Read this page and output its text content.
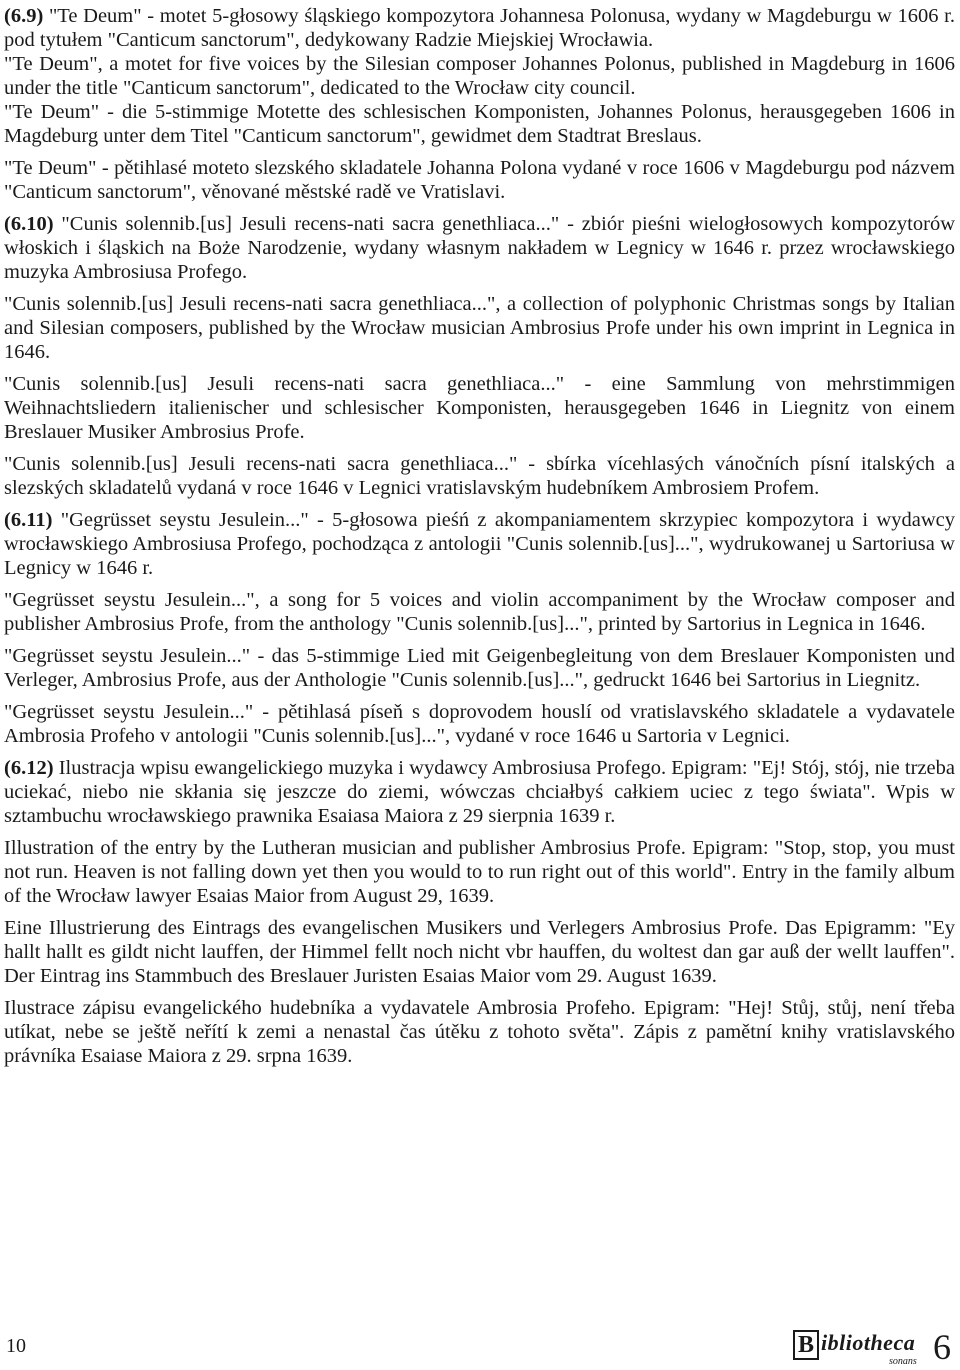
(6.9) "Te Deum" - motet 5-głosowy śląskiego kompozytora Johannesa Polonusa, wydany w Magdeburgu w 1606 r. pod tytułem "Canticum sanctorum", dedykowany Radzie Miejskiej Wrocławia.

"Te Deum", a motet for five voices by the Silesian composer Johannes Polonus, published in Magdeburg in 1606 under the title "Canticum sanctorum", dedicated to the Wrocław city council.

"Te Deum" - die 5-stimmige Motette des schlesischen Komponisten, Johannes Polonus, herausgegeben 1606 in Magdeburg unter dem Titel "Canticum sanctorum", gewidmet dem Stadtrat Breslaus.

"Te Deum" - pětihlasé moteto slezského skladatele Johanna Polona vydané v roce 1606 v Magdeburgu pod názvem "Canticum sanctorum", věnované městské radě ve Vratislavi.

(6.10) "Cunis solennib.[us] Jesuli recens-nati sacra genethliaca..." - zbiór pieśni wielogłosowych kompozytorów włoskich i śląskich na Boże Narodzenie, wydany własnym nakładem w Legnicy w 1646 r. przez wrocławskiego muzyka Ambrosiusa Profego.

"Cunis solennib.[us] Jesuli recens-nati sacra genethliaca...", a collection of polyphonic Christmas songs by Italian and Silesian composers, published by the Wrocław musician Ambrosius Profe under his own imprint in Legnica in 1646.

"Cunis solennib.[us] Jesuli recens-nati sacra genethliaca..." - eine Sammlung von mehrstimmigen Weihnachtsliedern italienischer und schlesischer Komponisten, herausgegeben 1646 in Liegnitz von einem Breslauer Musiker Ambrosius Profe.

"Cunis solennib.[us] Jesuli recens-nati sacra genethliaca..." - sbírka vícehlasých vánočních písní italských a slezských skladatelů vydaná v roce 1646 v Legnici vratislavským hudebníkem Ambrosiem Profem.

(6.11) "Gegrüsset seystu Jesulein..." - 5-głosowa pieśń z akompaniamentem skrzypiec kompozytora i wydawcy wrocławskiego Ambrosiusa Profego, pochodząca z antologii "Cunis solennib.[us]...", wydrukowanej u Sartoriusa w Legnicy w 1646 r.

"Gegrüsset seystu Jesulein...", a song for 5 voices and violin accompaniment by the Wrocław composer and publisher Ambrosius Profe, from the anthology "Cunis solennib.[us]...", printed by Sartorius in Legnica in 1646.

"Gegrüsset seystu Jesulein..." - das 5-stimmige Lied mit Geigenbegleitung von dem Breslauer Komponisten und Verleger, Ambrosius Profe, aus der Anthologie "Cunis solennib.[us]...", gedruckt 1646 bei Sartorius in Liegnitz.

"Gegrüsset seystu Jesulein..." - pětihlasá píseň s doprovodem houslí od vratislavského skladatele a vydavatele Ambrosia Profeho v antologii "Cunis solennib.[us]...", vydané v roce 1646 u Sartoria v Legnici.

(6.12) Ilustracja wpisu ewangelickiego muzyka i wydawcy Ambrosiusa Profego. Epigram: "Ej! Stój, stój, nie trzeba uciekać, niebo nie skłania się jeszcze do ziemi, wówczas chciałbyś całkiem uciec z tego świata". Wpis w sztambuchu wrocławskiego prawnika Esaiasa Maiora z 29 sierpnia 1639 r.

Illustration of the entry by the Lutheran musician and publisher Ambrosius Profe. Epigram: "Stop, stop, you must not run. Heaven is not falling down yet then you would to to run right out of this world". Entry in the family album of the Wrocław lawyer Esaias Maior from August 29, 1639.

Eine Illustrierung des Eintrags des evangelischen Musikers und Verlegers Ambrosius Profe. Das Epigramm: "Ey hallt hallt es gildt nicht lauffen, der Himmel fellt noch nicht vbr hauffen, du woltest dan gar auß der wellt lauffen". Der Eintrag ins Stammbuch des Breslauer Juristen Esaias Maior vom 29. August 1639.

Ilustrace zápisu evangelického hudebníka a vydavatele Ambrosia Profeho. Epigram: "Hej! Stůj, stůj, není třeba utíkat, nebe se ještě neřítí k zemi a nenastal čas útěku z tohoto světa". Zápis z pamětní knihy vratislavského právníka Esaiase Maiora z 29. srpna 1639.

10	B ibliotheca
sonans 6
